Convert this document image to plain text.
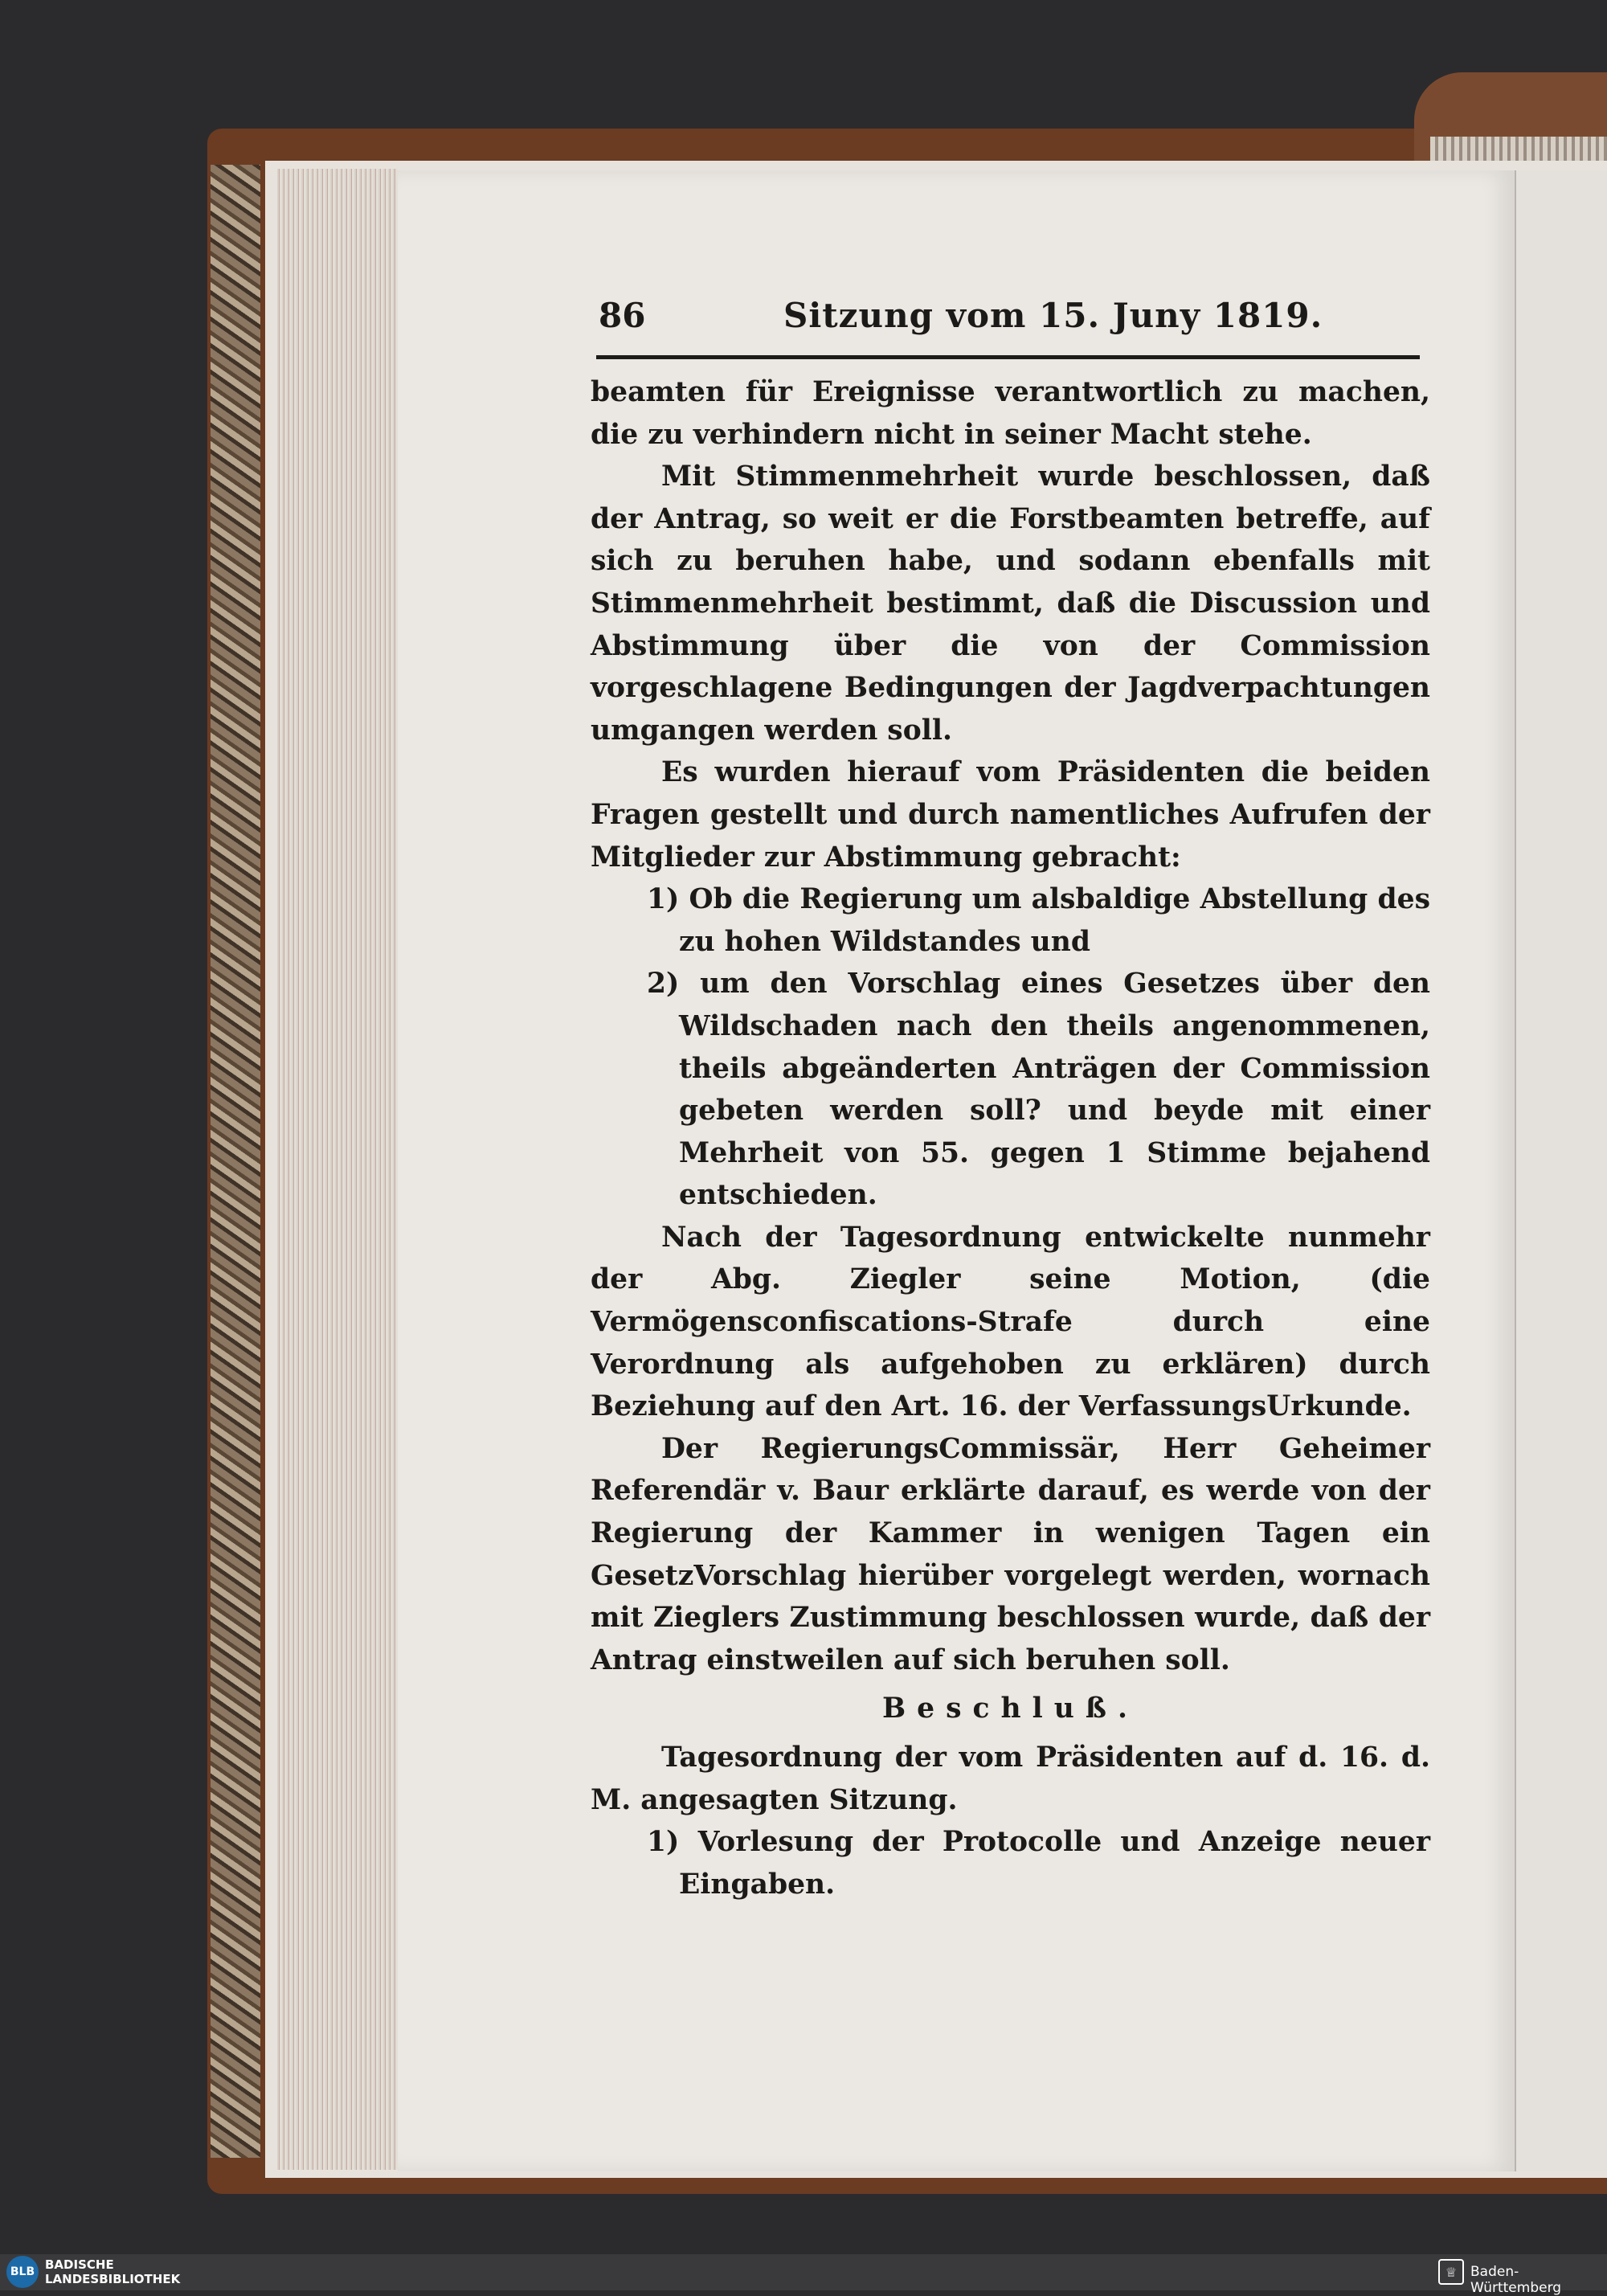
86	Sitzung vom 15. Juny 1819.

beamten für Ereignisse verantwortlich zu machen, die zu verhindern nicht in seiner Macht stehe.

Mit Stimmenmehrheit wurde beschlossen, daß der Antrag, so weit er die Forstbeamten betreffe, auf sich zu beruhen habe, und sodann ebenfalls mit Stimmenmehrheit bestimmt, daß die Discussion und Abstimmung über die von der Commission vorgeschlagene Bedingungen der Jagdverpachtungen umgangen werden soll.

Es wurden hierauf vom Präsidenten die beiden Fragen gestellt und durch namentliches Aufrufen der Mitglieder zur Abstimmung gebracht:

1) Ob die Regierung um alsbaldige Abstellung des zu hohen Wildstandes und

2) um den Vorschlag eines Gesetzes über den Wildschaden nach den theils angenommenen, theils abgeänderten Anträgen der Commission gebeten werden soll? und beyde mit einer Mehrheit von 55. gegen 1 Stimme bejahend entschieden.

Nach der Tagesordnung entwickelte nunmehr der Abg. Ziegler seine Motion, (die Vermögensconfiscations-Strafe durch eine Verordnung als aufgehoben zu erklären) durch Beziehung auf den Art. 16. der VerfassungsUrkunde.

Der RegierungsCommissär, Herr Geheimer Referendär v. Baur erklärte darauf, es werde von der Regierung der Kammer in wenigen Tagen ein GesetzVorschlag hierüber vorgelegt werden, wornach mit Zieglers Zustimmung beschlossen wurde, daß der Antrag einstweilen auf sich beruhen soll.

Beschluß.

Tagesordnung der vom Präsidenten auf d. 16. d. M. angesagten Sitzung.

1) Vorlesung der Protocolle und Anzeige neuer Eingaben.

BLB BADISCHE
LANDESBIBLIOTHEK	♕ Baden-Württemberg
